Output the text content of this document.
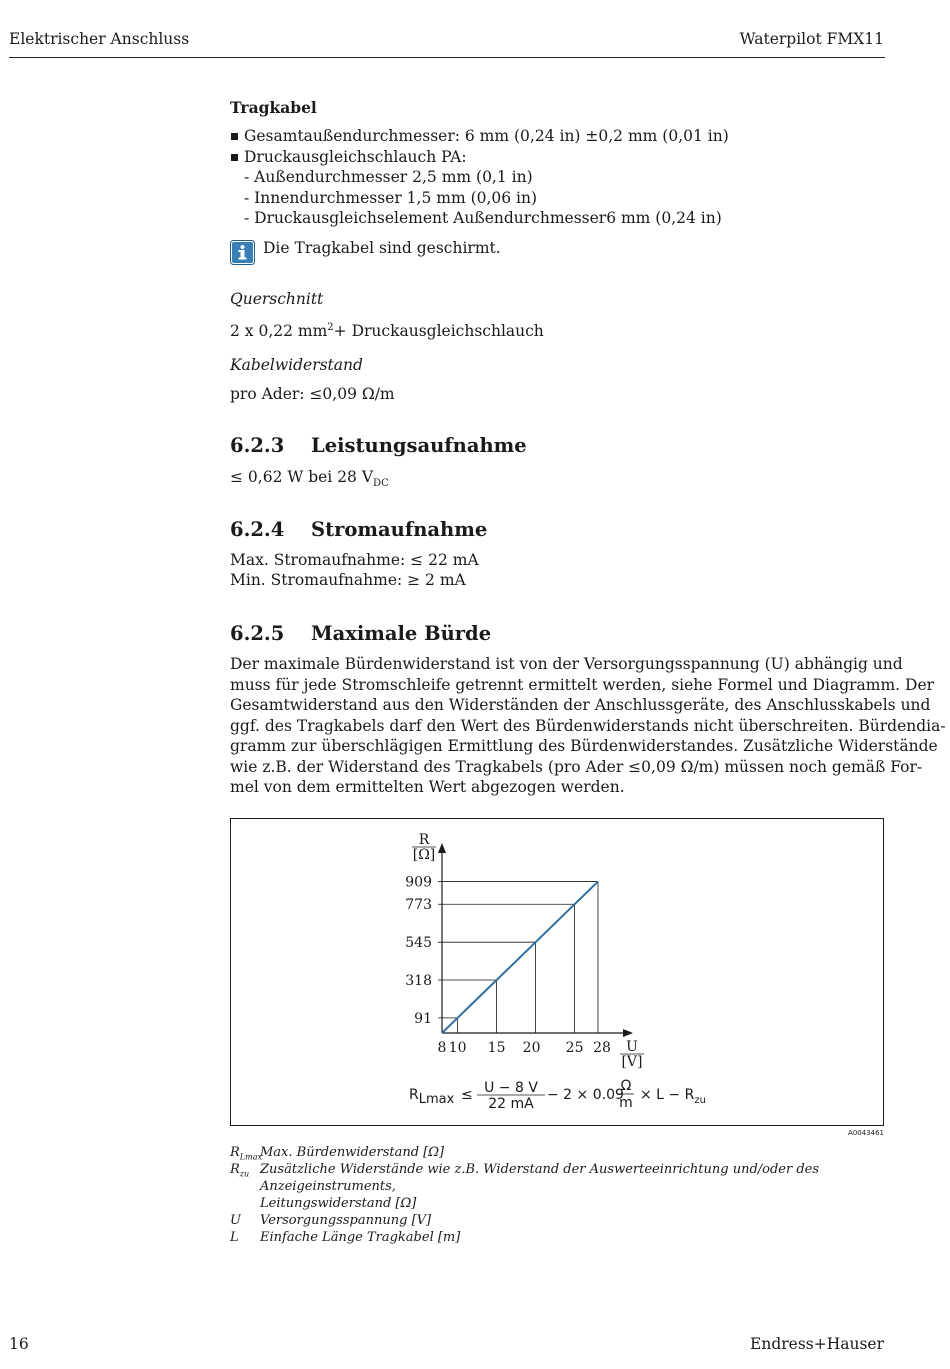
Elektrischer Anschluss	Waterpilot FMX11
Tragkabel
Gesamtaußendurchmesser: 6 mm (0,24 in) ±0,2 mm (0,01 in)
Druckausgleichschlauch PA:
- Außendurchmesser 2,5 mm (0,1 in)
- Innendurchmesser 1,5 mm (0,06 in)
- Druckausgleichselement Außendurchmesser6 mm (0,24 in)
Die Tragkabel sind geschirmt.
Querschnitt
2 x 0,22 $mm^2+$ Druckausgleichschlauch
Kabelwiderstand
pro Ader: ≤0,09 Ω/m
6.2.3 Leistungsaufnahme
≤ 0,62 W bei 28 $V_{DC}$
6.2.4 Stromaufnahme
Max. Stromaufnahme: ≤ 22 mA
Min. Stromaufnahme: ≥ 2 mA
6.2.5 Maximale Bürde
Der maximale Bürdenwiderstand ist von der Versorgungsspannung (U) abhängig und
muss für jede Stromschleife getrennt ermittelt werden, siehe Formel und Diagramm. Der
Gesamtwiderstand aus den Widerständen der Anschlussgeräte, des Anschlusskabels und
ggf. des Tragkabels darf den Wert des Bürdenwiderstands nicht überschreiten. Bürdendia-
gramm zur überschlägigen Ermittlung des Bürdenwiderstandes. Zusätzliche Widerstände
wie z.B. der Widerstand des Tragkabels (pro Ader ≤0,09 Ω/m) müssen noch gemäß For-
mel von dem ermittelten Wert abgezogen werden.
91
318
545
773
909
8 10 15 20 25 28
R
[Ω]
U
[V]
RLmax ≤ U − 8 V
22 mA
− 2 × 0.09
Ω
$m \times L - R_{zu}$
A0043461
$R_{Lmax}$
Max. Bürdenwiderstand [Ω]
$R_{zu}$ Zusätzliche Widerstände wie z.B. Widerstand der Auswerteeinrichtung und/oder des Anzeigeinstruments,
Leitungswiderstand [Ω]
U Versorgungsspannung [V]
L Einfache Länge Tragkabel [m]
16	Endress+Hauser
